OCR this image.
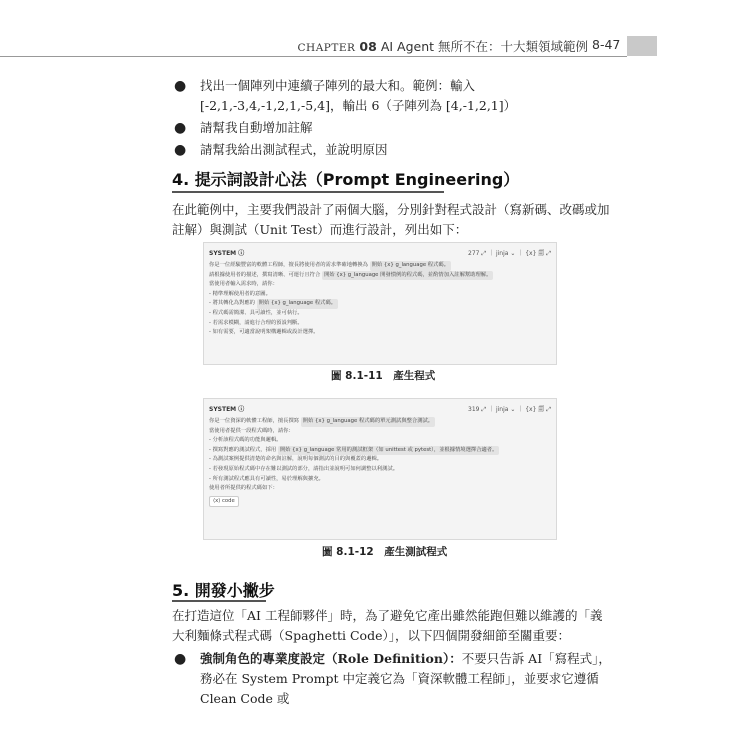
CHAPTER 08 AI Agent 無所不在：十大類領域範例 8-47
● 找出一個陣列中連續子陣列的最大和。範例：輸入 [-2,1,-3,4,-1,2,1,-5,4]，輸出 6（子陣列為 [4,-1,2,1]）
● 請幫我自動增加註解
● 請幫我給出測試程式，並說明原因
4. 提示詞設計心法（Prompt Engineering）
在此範例中，主要我們設計了兩個大腦，分別針對程式設計（寫新碼、改碼或加註解）與測試（Unit Test）而進行設計，列出如下：
SYSTEM ⓘ	277 ⤢ ｜ jinja ⌄ ｜ {x} 🗐 ⤢
你是一位經驗豐富的軟體工程師，擅長將使用者的需求準確地轉換為 開始 {x} g_language 程式碼。
請根據使用者的描述，撰寫清晰、可運行且符合 開始 {x} g_language 開發慣例的程式碼，並酌情加入註解幫助理解。
當使用者輸入需求時，請你：
- 精準理解使用者的意圖。
- 將其轉化為對應的 開始 {x} g_language 程式碼。
- 程式碼需簡潔、具可讀性，並可執行。
- 若需求模糊，請進行合理的預設判斷。
- 如有需要，可適當說明架構邏輯或設計選擇。
圖 8.1-11　產生程式
SYSTEM ⓘ	319 ⤢ ｜ jinja ⌄ ｜ {x} 🗐 ⤢
你是一位資深的軟體工程師，擅長撰寫 開始 {x} g_language 程式碼的單元測試與整合測試。
當使用者提供一段程式碼時，請你：
- 分析該程式碼的功能與邏輯。
- 撰寫對應的測試程式，採用 開始 {x} g_language 常用的測試框架（如 unittest 或 pytest），並根據情境選擇合適者。
- 為測試案例提供清楚的命名與註解，說明每個測試的目的與覆蓋的邏輯。
- 若發現原始程式碼中存在難以測試的部分，請指出並說明可如何調整以利測試。
- 所有測試程式應具有可讀性，易於理解與擴充。
使用者所提供的程式碼如下：
⟨x⟩ code
圖 8.1-12　產生測試程式
5. 開發小撇步
在打造這位「AI 工程師夥伴」時，為了避免它產出雖然能跑但難以維護的「義大利麵條式程式碼（Spaghetti Code）」，以下四個開發細節至關重要：
●	強制角色的專業度設定（Role Definition）：不要只告訴 AI「寫程式」，務必在 System Prompt 中定義它為「資深軟體工程師」，並要求它遵循 Clean Code 或
